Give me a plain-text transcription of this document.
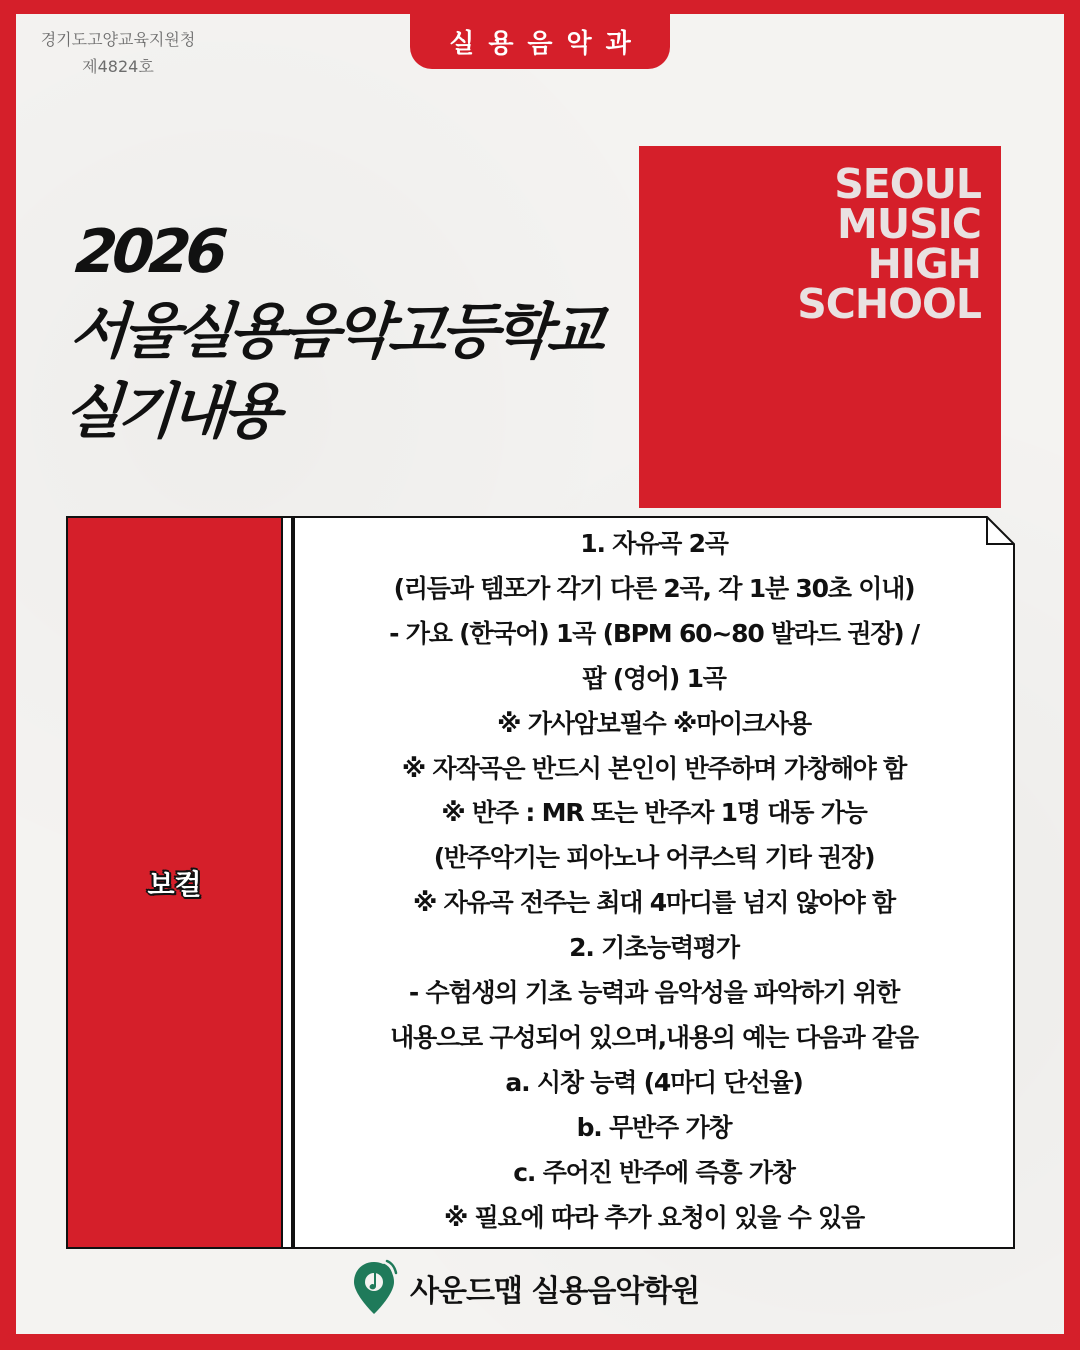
경기도고양교육지원청
제4824호
실용음악과
2026
서울실용음악고등학교
실기내용
SEOUL
MUSIC
HIGH
SCHOOL
보컬
1. 자유곡 2곡
(리듬과 템포가 각기 다른 2곡, 각 1분 30초 이내)
- 가요 (한국어) 1곡 (BPM 60~80 발라드 권장) /
팝 (영어) 1곡
※ 가사암보필수 ※마이크사용
※ 자작곡은 반드시 본인이 반주하며 가창해야 함
※ 반주 : MR 또는 반주자 1명 대동 가능
(반주악기는 피아노나 어쿠스틱 기타 권장)
※ 자유곡 전주는 최대 4마디를 넘지 않아야 함
2. 기초능력평가
- 수험생의 기초 능력과 음악성을 파악하기 위한
내용으로 구성되어 있으며,내용의 예는 다음과 같음
a. 시창 능력 (4마디 단선율)
b. 무반주 가창
c. 주어진 반주에 즉흥 가창
※ 필요에 따라 추가 요청이 있을 수 있음
사운드맵 실용음악학원
